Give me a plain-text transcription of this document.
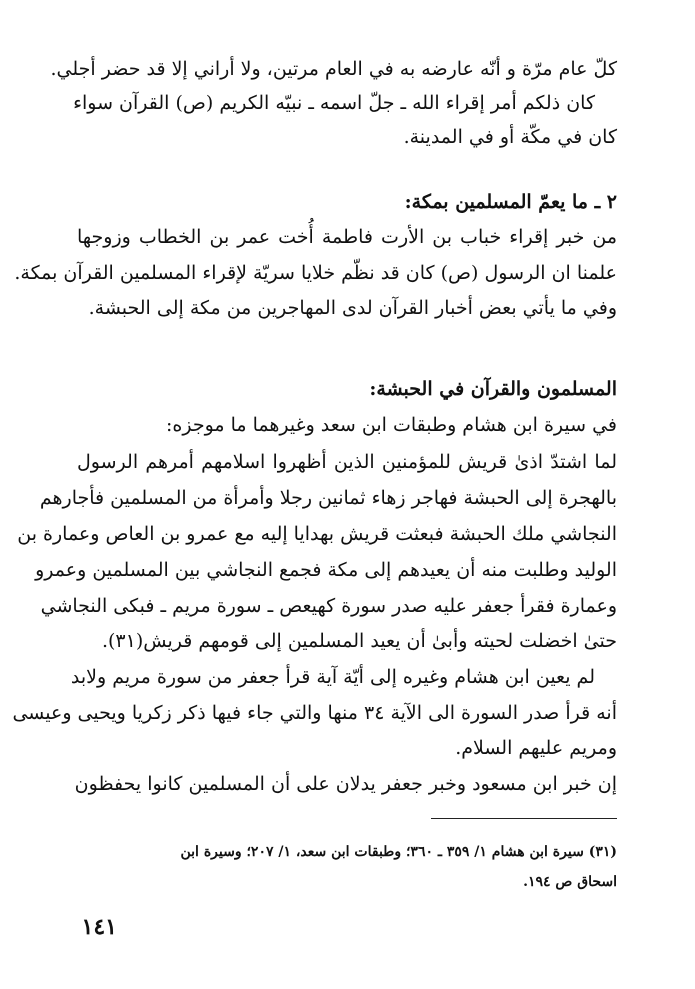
كلّ عام مرّة و أنّه عارضه به في العام مرتين، ولا أراني إلا قد حضر أجلي.
كان ذلكم أمر إقراء الله ـ جلّ اسمه ـ نبيّه الكريم (ص) القرآن سواء
كان في مكّة أو في المدينة.
٢ ـ ما يعمّ المسلمين بمكة:
من خبر إقراء خباب بن الأرت فاطمة أُخت عمر بن الخطاب وزوجها
علمنا ان الرسول (ص) كان قد نظّم خلايا سريّة لإقراء المسلمين القرآن بمكة.
وفي ما يأتي بعض أخبار القرآن لدى المهاجرين من مكة إلى الحبشة.
المسلمون والقرآن في الحبشة:
في سيرة ابن هشام وطبقات ابن سعد وغيرهما ما موجزه:
لما اشتدّ اذىٰ قريش للمؤمنين الذين أظهروا اسلامهم أمرهم الرسول
بالهجرة إلى الحبشة فهاجر زهاء ثمانين رجلا وأمرأة من المسلمين فأجارهم
النجاشي ملك الحبشة فبعثت قريش بهدايا إليه مع عمرو بن العاص وعمارة بن
الوليد وطلبت منه أن يعيدهم إلى مكة فجمع النجاشي بين المسلمين وعمرو
وعمارة فقرأ جعفر عليه صدر سورة كهيعص ـ سورة مريم ـ فبكى النجاشي
حتىٰ اخضلت لحيته وأبىٰ أن يعيد المسلمين إلى قومهم قريش(٣١).
لم يعين ابن هشام وغيره إلى أيّة آية قرأ جعفر من سورة مريم ولابد
أنه قرأ صدر السورة الى الآية ٣٤ منها والتي جاء فيها ذكر زكريا ويحيى وعيسى
ومريم عليهم السلام.
إن خبر ابن مسعود وخبر جعفر يدلان على أن المسلمين كانوا يحفظون
(٣١) سيرة ابن هشام ١/ ٣٥٩ ـ ٣٦٠؛ وطبقات ابن سعد، ١/ ٢٠٧؛ وسيرة ابن
اسحاق ص ١٩٤.
١٤١
